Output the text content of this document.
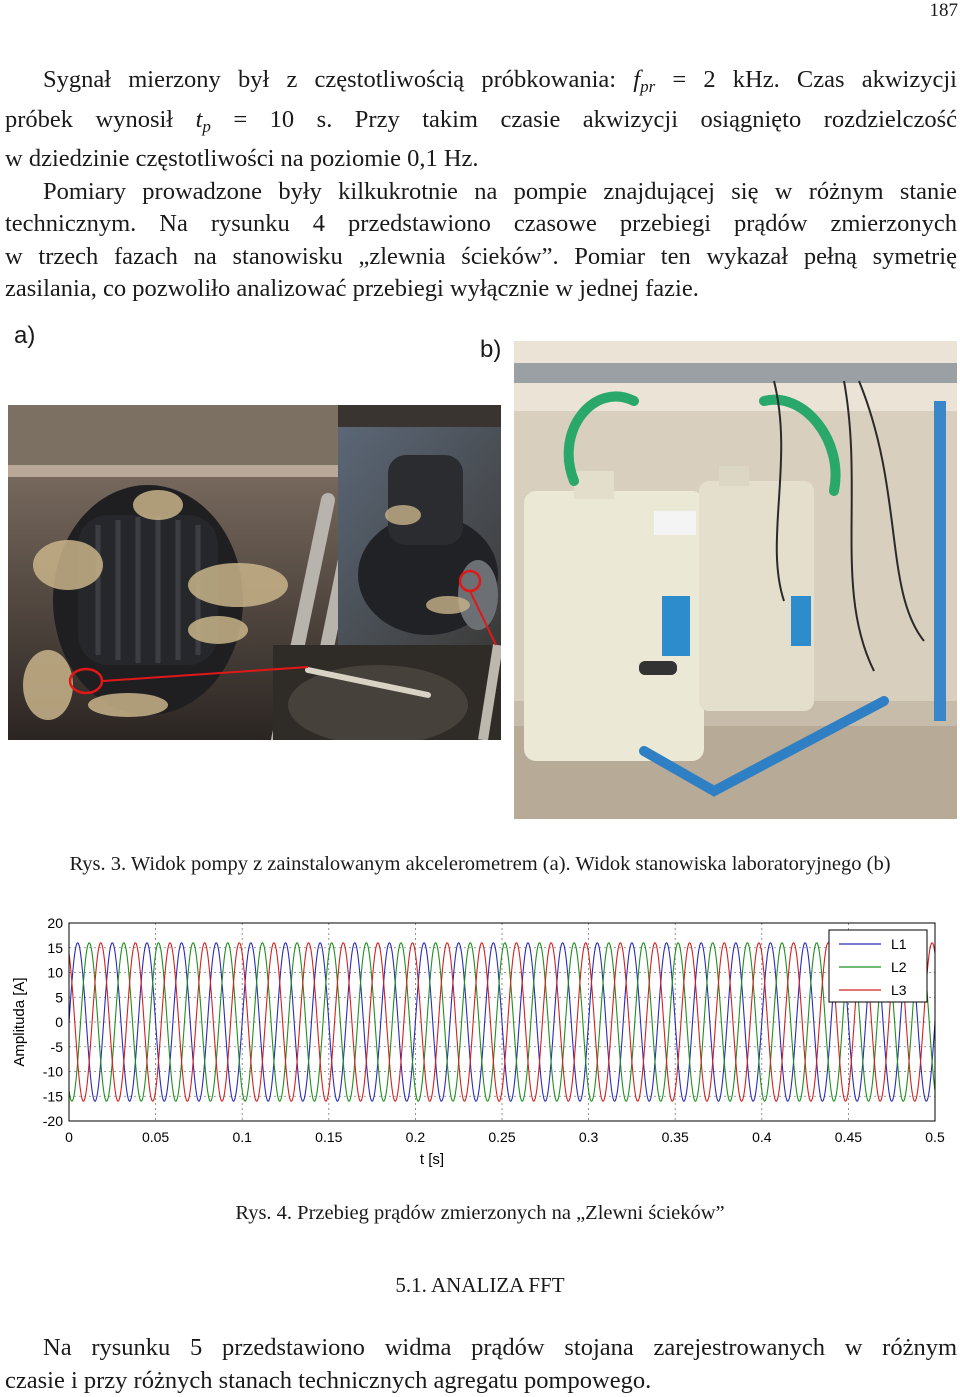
187
Sygnał mierzony był z częstotliwością próbkowania: $f_{pr} = 2$ kHz. Czas akwizycji
próbek wynosił $t_p = 10$ s. Przy takim czasie akwizycji osiągnięto rozdzielczość
w dziedzinie częstotliwości na poziomie 0,1 Hz.
Pomiary prowadzone były kilkukrotnie na pompie znajdującej się w różnym stanie
technicznym. Na rysunku 4 przedstawiono czasowe przebiegi prądów zmierzonych
w trzech fazach na stanowisku „zlewnia ścieków”. Pomiar ten wykazał pełną symetrię
zasilania, co pozwoliło analizować przebiegi wyłącznie w jednej fazie.
a)
b)
Rys. 3. Widok pompy z zainstalowanym akcelerometrem (a). Widok stanowiska laboratoryjnego (b)
20
15
10
5
0
-5
-10
-15
-20
0	0.05	0.1	0.15	0.2	0.25	0.3	0.35	0.4	0.45	0.5
Amplituda [A]
t [s]
L1
L2
L3
Rys. 4. Przebieg prądów zmierzonych na „Zlewni ścieków”
5.1. ANALIZA FFT
Na rysunku 5 przedstawiono widma prądów stojana zarejestrowanych w różnym
czasie i przy różnych stanach technicznych agregatu pompowego.
